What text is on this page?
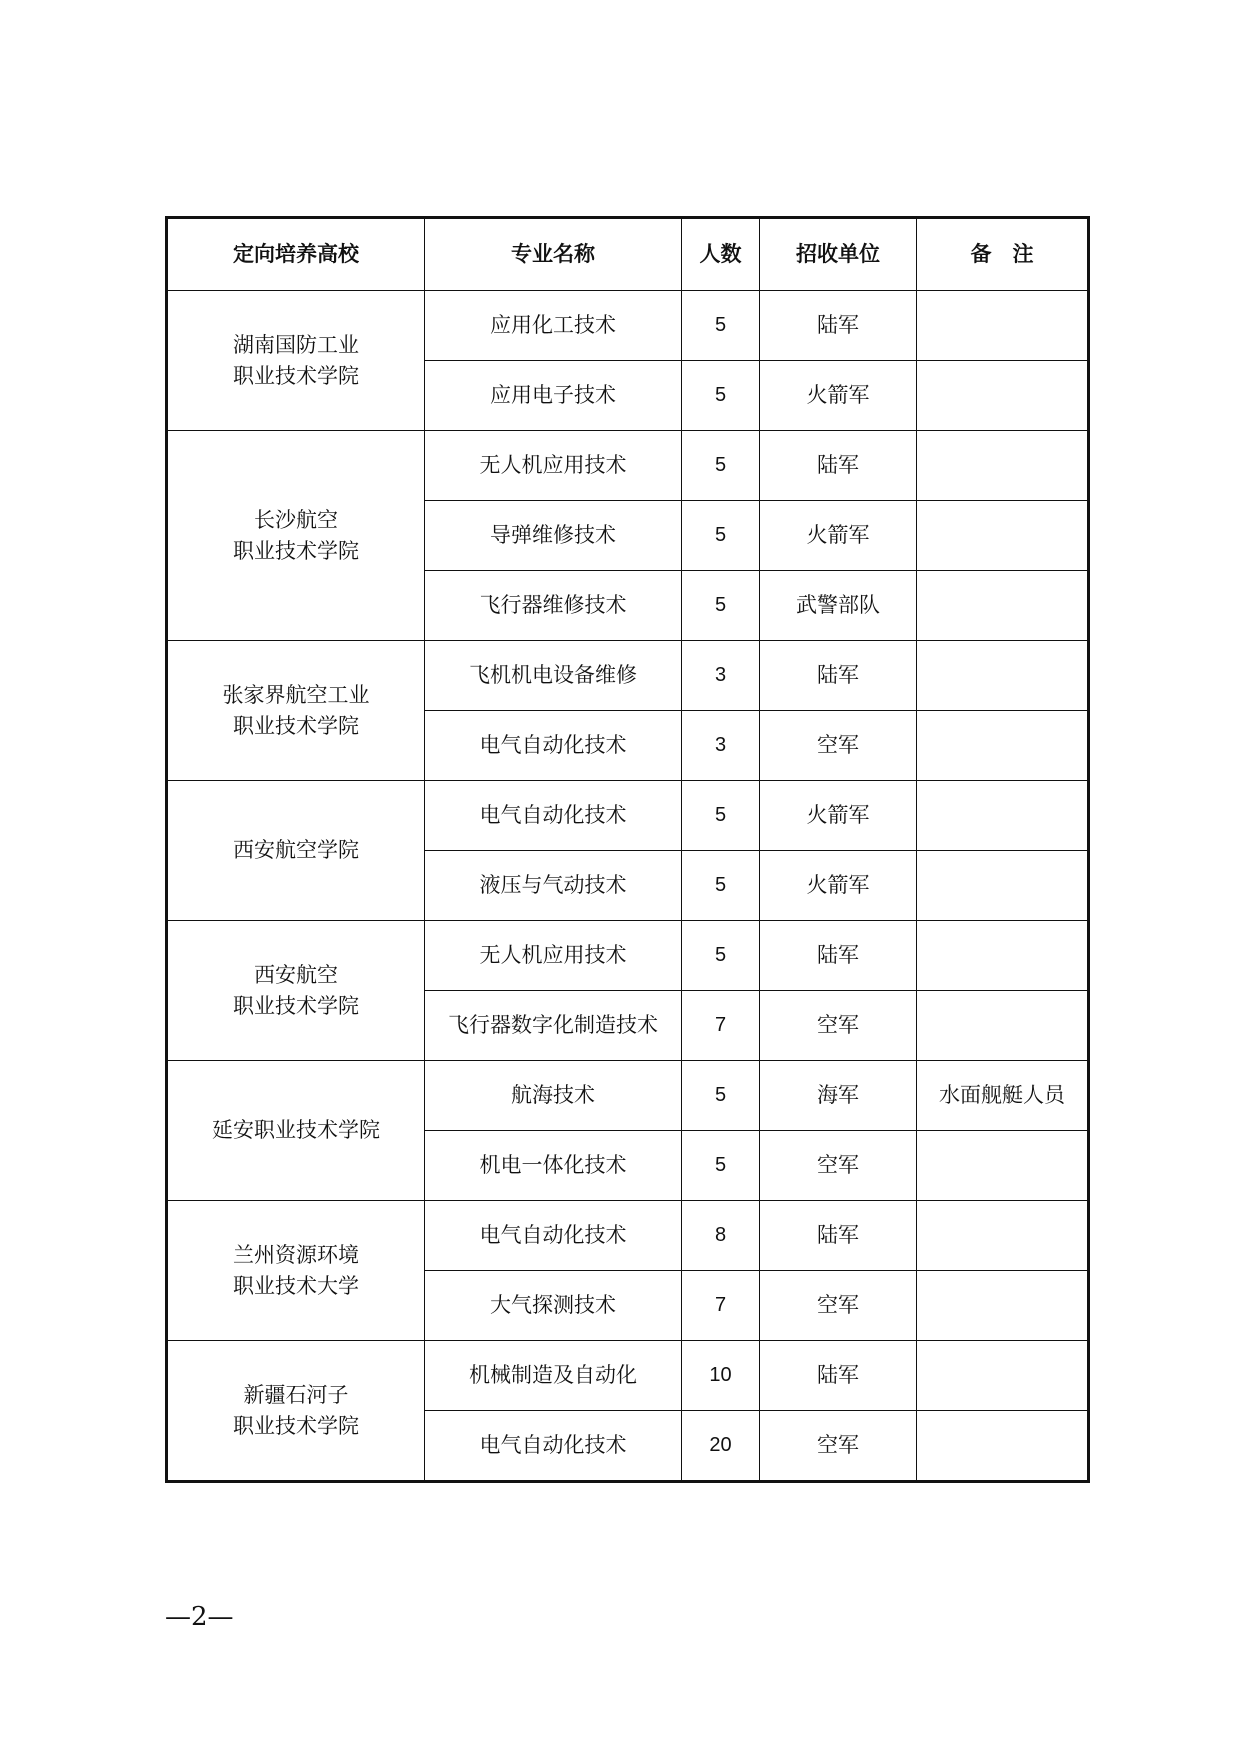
定向培养高校	专业名称	人数	招收单位	备　注

湖南国防工业
职业技术学院	应用化工技术	5	陆军	
	应用电子技术	5	火箭军	

长沙航空
职业技术学院	无人机应用技术	5	陆军	
	导弹维修技术	5	火箭军	
	飞行器维修技术	5	武警部队	

张家界航空工业
职业技术学院	飞机机电设备维修	3	陆军	
	电气自动化技术	3	空军	

西安航空学院	电气自动化技术	5	火箭军	
	液压与气动技术	5	火箭军	

西安航空
职业技术学院	无人机应用技术	5	陆军	
	飞行器数字化制造技术	7	空军	

延安职业技术学院	航海技术	5	海军	水面舰艇人员
	机电一体化技术	5	空军	

兰州资源环境
职业技术大学	电气自动化技术	8	陆军	
	大气探测技术	7	空军	

新疆石河子
职业技术学院	机械制造及自动化	10	陆军	
	电气自动化技术	20	空军	
—2—
